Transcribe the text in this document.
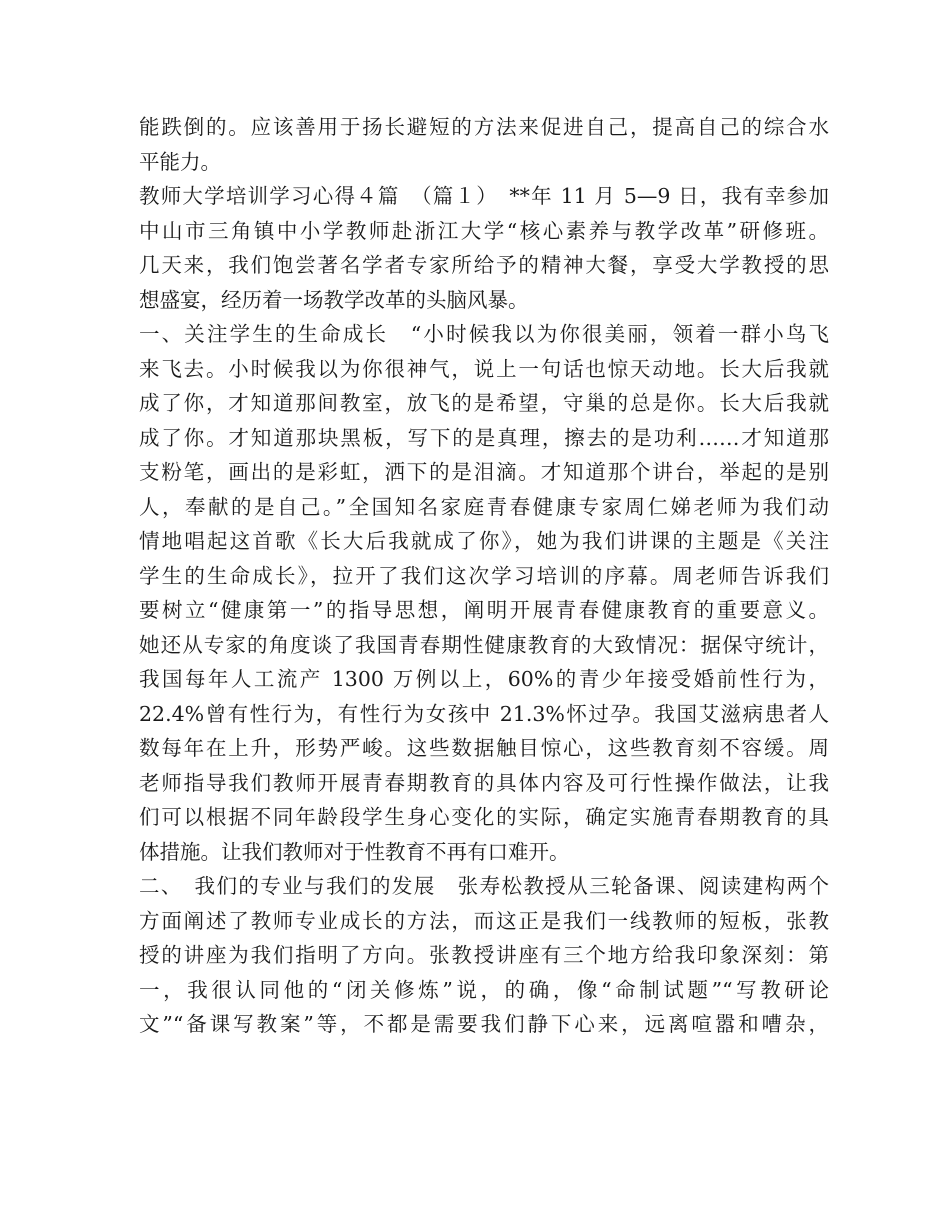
能跌倒的。应该善用于扬长避短的方法来促进自己，提高自己的综合水
平能力。
教师大学培训学习心得４篇　（篇１）　**年 11 月 5—9 日，我有幸参加
中山市三角镇中小学教师赴浙江大学“核心素养与教学改革”研修班。
几天来，我们饱尝著名学者专家所给予的精神大餐，享受大学教授的思
想盛宴，经历着一场教学改革的头脑风暴。
一、关注学生的生命成长　“小时候我以为你很美丽，领着一群小鸟飞
来飞去。小时候我以为你很神气，说上一句话也惊天动地。长大后我就
成了你，才知道那间教室，放飞的是希望，守巢的总是你。长大后我就
成了你。才知道那块黑板，写下的是真理，擦去的是功利……才知道那
支粉笔，画出的是彩虹，洒下的是泪滴。才知道那个讲台，举起的是别
人，奉献的是自己。”全国知名家庭青春健康专家周仁娣老师为我们动
情地唱起这首歌《长大后我就成了你》，她为我们讲课的主题是《关注
学生的生命成长》，拉开了我们这次学习培训的序幕。周老师告诉我们
要树立“健康第一”的指导思想，阐明开展青春健康教育的重要意义。
她还从专家的角度谈了我国青春期性健康教育的大致情况：据保守统计，
我国每年人工流产 1300 万例以上，60%的青少年接受婚前性行为，
22.4%曾有性行为，有性行为女孩中 21.3%怀过孕。我国艾滋病患者人
数每年在上升，形势严峻。这些数据触目惊心，这些教育刻不容缓。周
老师指导我们教师开展青春期教育的具体内容及可行性操作做法，让我
们可以根据不同年龄段学生身心变化的实际，确定实施青春期教育的具
体措施。让我们教师对于性教育不再有口难开。
二、　我们的专业与我们的发展　张寿松教授从三轮备课、阅读建构两个
方面阐述了教师专业成长的方法，而这正是我们一线教师的短板，张教
授的讲座为我们指明了方向。张教授讲座有三个地方给我印象深刻：第
一，我很认同他的“闭关修炼”说，的确，像“命制试题”“写教研论
文”“备课写教案”等，不都是需要我们静下心来，远离喧嚣和嘈杂，
